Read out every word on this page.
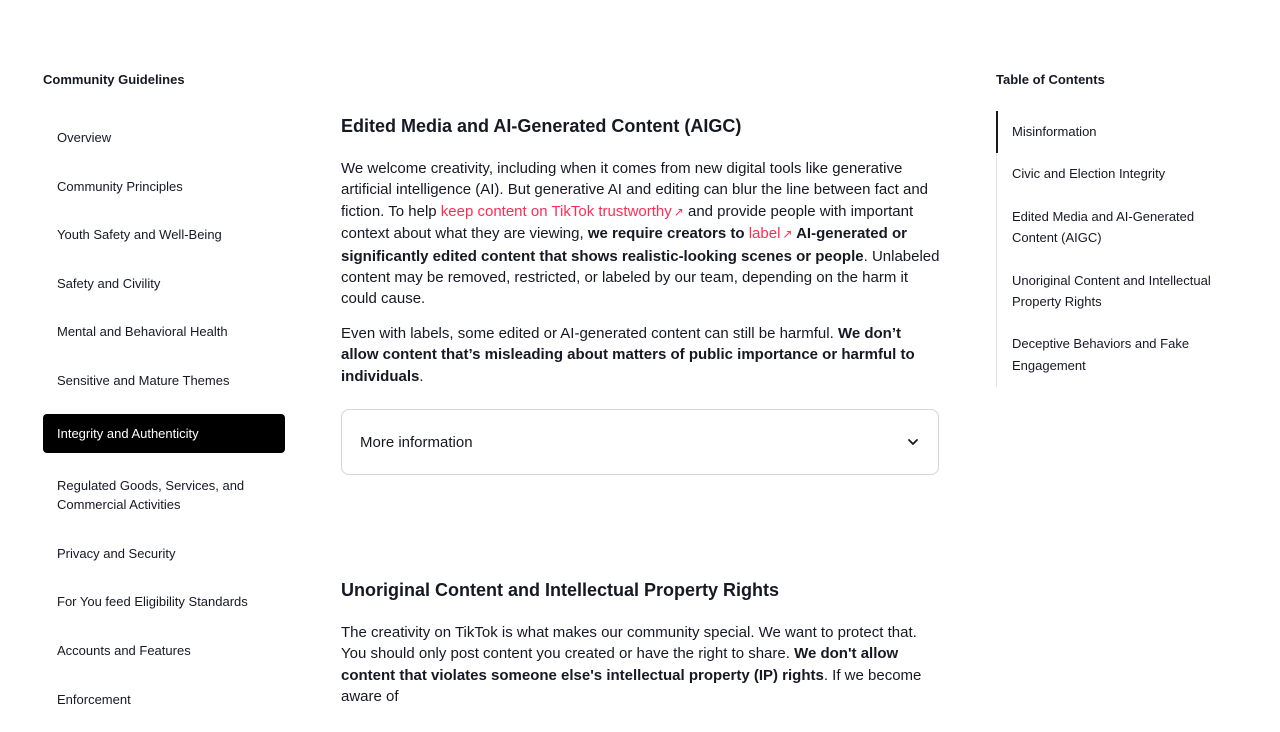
Community Guidelines
Overview
Community Principles
Youth Safety and Well-Being
Safety and Civility
Mental and Behavioral Health
Sensitive and Mature Themes
Integrity and Authenticity
Regulated Goods, Services, and Commercial Activities
Privacy and Security
For You feed Eligibility Standards
Accounts and Features
Enforcement
Edited Media and AI-Generated Content (AIGC)

We welcome creativity, including when it comes from new digital tools like generative artificial intelligence (AI). But generative AI and editing can blur the line between fact and fiction. To help keep content on TikTok trustworthy ↗ and provide people with important context about what they are viewing, we require creators to label ↗ AI-generated or significantly edited content that shows realistic-looking scenes or people. Unlabeled content may be removed, restricted, or labeled by our team, depending on the harm it could cause.

Even with labels, some edited or AI-generated content can still be harmful. We don’t allow content that’s misleading about matters of public importance or harmful to individuals.

More information
Unoriginal Content and Intellectual Property Rights

The creativity on TikTok is what makes our community special. We want to protect that. You should only post content you created or have the right to share. We don't allow content that violates someone else's intellectual property (IP) rights. If we become aware of

Table of Contents
Misinformation
Civic and Election Integrity
Edited Media and AI-Generated Content (AIGC)
Unoriginal Content and Intellectual Property Rights
Deceptive Behaviors and Fake Engagement
